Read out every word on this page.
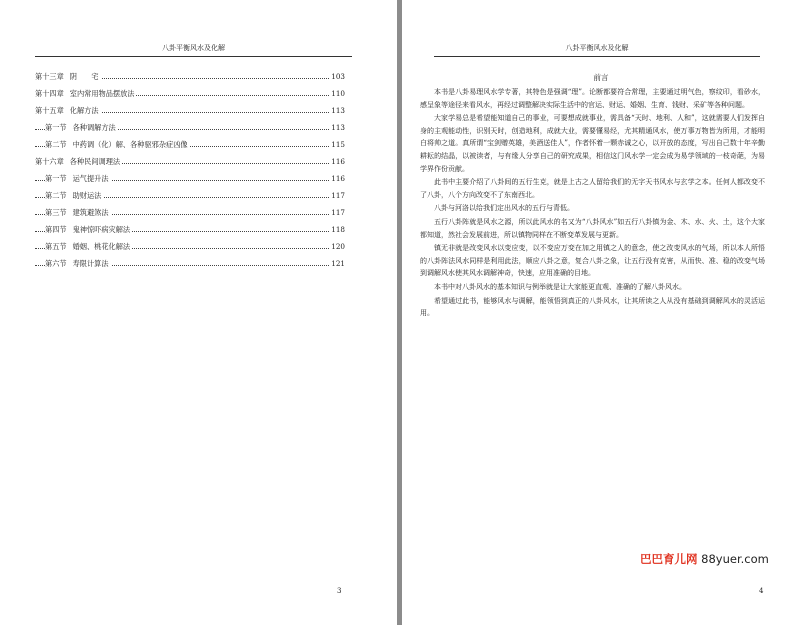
八卦平衡风水及化解
第十三章 阴　　宅	103
第十四章 室内常用物品摆放法	110
第十五章 化解方法	113
第一节 各种调解方法	113
第二节 中药调（化）解、各种驱邪杂症凶像	115
第十六章 各种民间调理法	116
第一节 运气提升法	116
第二节 助财运法	117
第三节 建筑避煞法	117
第四节 鬼神惊吓病灾解法	118
第五节 婚姻、桃花化解法	120
第六节 寿限计算法	121
3
八卦平衡风水及化解
前言

本书是八卦易理风水学专著，其特色是强调“理”。论断都要符合常理，主要通过明气色，察纹印，看砂水，感呈象等途径来看风水，再经过调整解决实际生活中的官运、财运、婚姻、生育、钱财、采矿等各种问题。

大家学易总是希望能知道自己的事业，可要想成就事业，需具备“天时、地利、人和”，这就需要人们发挥自身的主观能动性，识别天时，创造地利，成就大业，需要懂易经，尤其精通风水，使万事万物皆为所用，才能明白将帅之道。真所谓“宝剑赠英雄，美酒送佳人”，作者怀着一颗赤诚之心，以开放的态度，写出自己数十年辛勤耕耘的结晶，以被读者，与有缘人分享自己的研究成果，相信这门风水学一定会成为易学领域的一枝奇葩，为易学界作份贡献。

此书中主要介绍了八卦间的五行生克，就是上古之人留给我们的无字天书风水与玄学之本。任何人都改变不了八卦，八个方向改变不了东南西北。

八卦与河洛以给我们定出风水的五行与青低。

五行八卦阵就是风水之源，所以此风水的名又为“八卦风水”如五行八卦镇为金、木、水、火、土，这个大家都知道，然社会发展前进，所以镇物同样在不断变革发展与更新。

镇无非就是改变风水以变应变，以不变应万变在加之用镇之人的意念，使之改变风水的气场，所以本人所悟的八卦阵法风水同样是利用此法，顺应八卦之意，复合八卦之象，让五行没有克害，从而快、准、稳的改变气场到调解风水使其风水调解神奇，快速，应用准确的目地。

本书中对八卦风水的基本知识与例举就是让大家能更直观、准确的了解八卦风水。

希望通过此书，能够风水与调解，能领悟到真正的八卦风水，让其所读之人从没有基础到调解风水的灵活运用。

4
巴巴育儿网 88yuer.com
